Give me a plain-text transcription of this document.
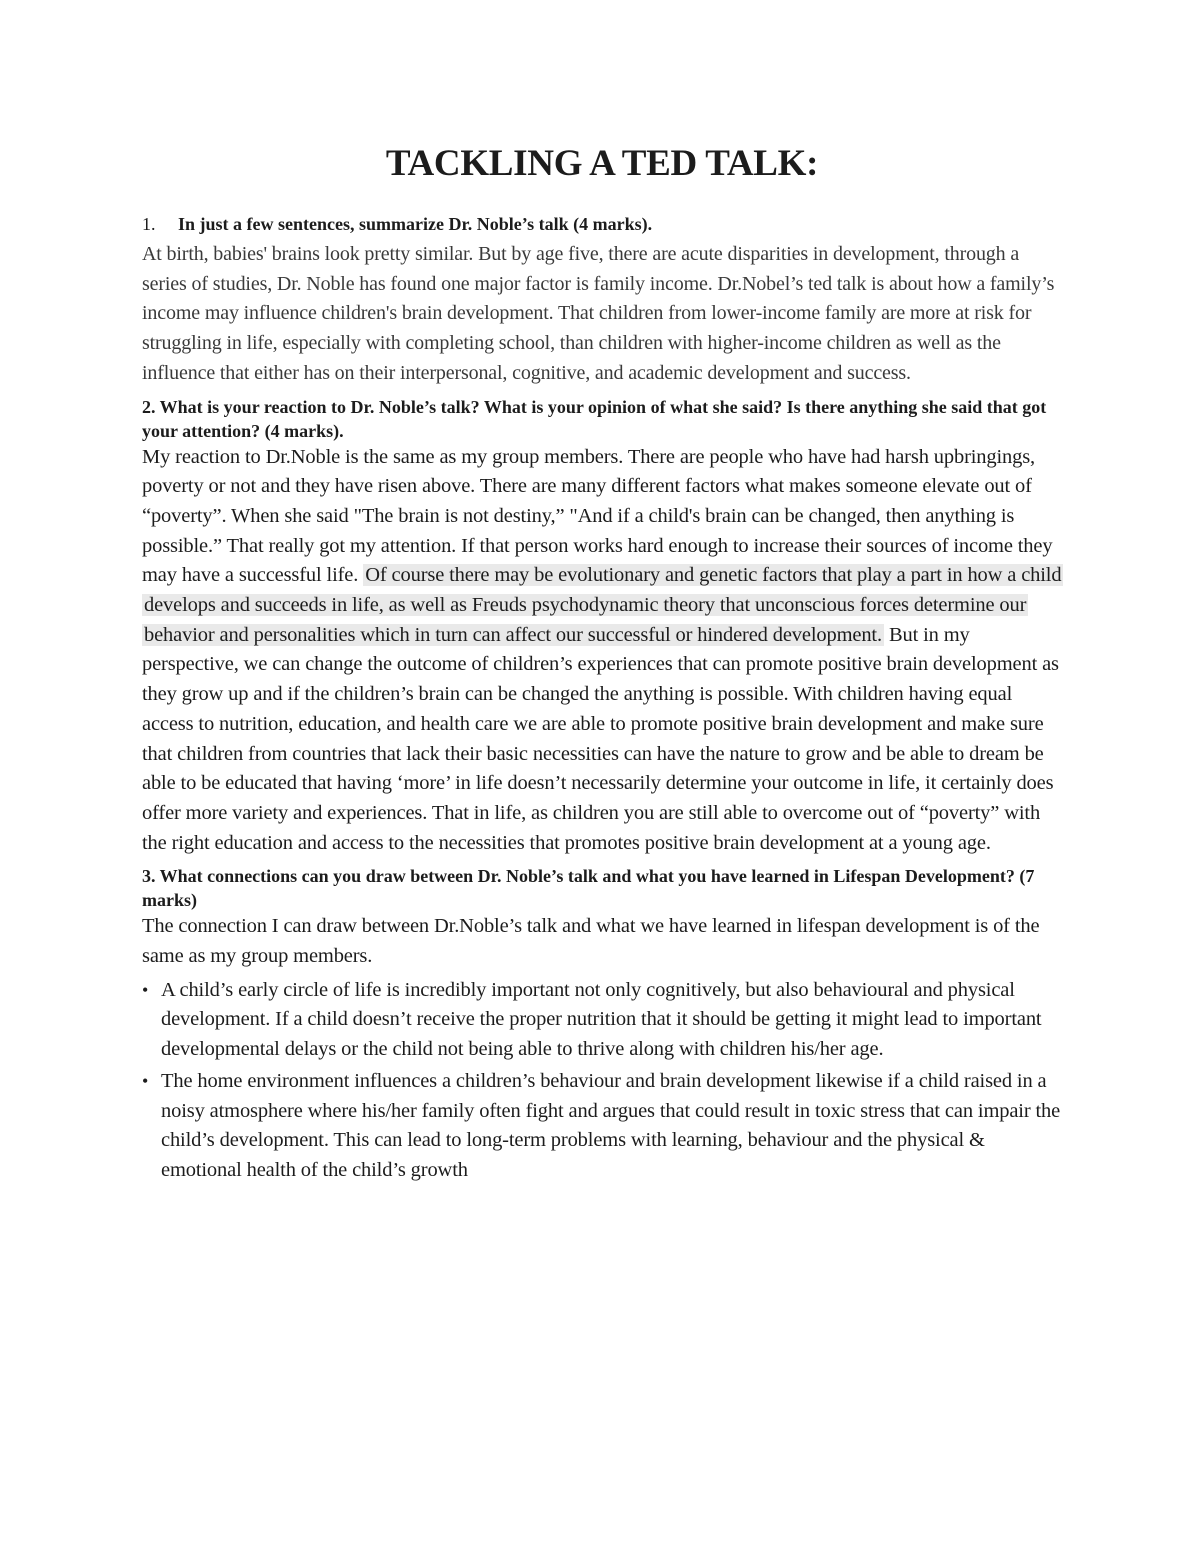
TACKLING A TED TALK:
1.	In just a few sentences, summarize Dr. Noble’s talk (4 marks).

At birth, babies' brains look pretty similar. But by age five, there are acute disparities in development, through a series of studies, Dr. Noble has found one major factor is family income. Dr.Nobel’s ted talk is about how a family’s income may influence children's brain development. That children from lower-income family are more at risk for struggling in life, especially with completing school, than children with higher-income children as well as the influence that either has on their interpersonal, cognitive, and academic development and success.

2. What is your reaction to Dr. Noble’s talk? What is your opinion of what she said? Is there anything she said that got your attention? (4 marks).

My reaction to Dr.Noble is the same as my group members. There are people who have had harsh upbringings, poverty or not and they have risen above. There are many different factors what makes someone elevate out of “poverty”. When she said "The brain is not destiny,” "And if a child's brain can be changed, then anything is possible.” That really got my attention. If that person works hard enough to increase their sources of income they may have a successful life. Of course there may be evolutionary and genetic factors that play a part in how a child develops and succeeds in life, as well as Freuds psychodynamic theory that unconscious forces determine our behavior and personalities which in turn can affect our successful or hindered development. But in my perspective, we can change the outcome of children’s experiences that can promote positive brain development as they grow up and if the children’s brain can be changed the anything is possible. With children having equal access to nutrition, education, and health care we are able to promote positive brain development and make sure that children from countries that lack their basic necessities can have the nature to grow and be able to dream be able to be educated that having ‘more’ in life doesn’t necessarily determine your outcome in life, it certainly does offer more variety and experiences. That in life, as children you are still able to overcome out of “poverty” with the right education and access to the necessities that promotes positive brain development at a young age.

3. What connections can you draw between Dr. Noble’s talk and what you have learned in Lifespan Development? (7 marks)

The connection I can draw between Dr.Noble’s talk and what we have learned in lifespan development is of the same as my group members.

• A child’s early circle of life is incredibly important not only cognitively, but also behavioural and physical development. If a child doesn’t receive the proper nutrition that it should be getting it might lead to important developmental delays or the child not being able to thrive along with children his/her age.
• The home environment influences a children’s behaviour and brain development likewise if a child raised in a noisy atmosphere where his/her family often fight and argues that could result in toxic stress that can impair the child’s development. This can lead to long-term problems with learning, behaviour and the physical & emotional health of the child’s growth
